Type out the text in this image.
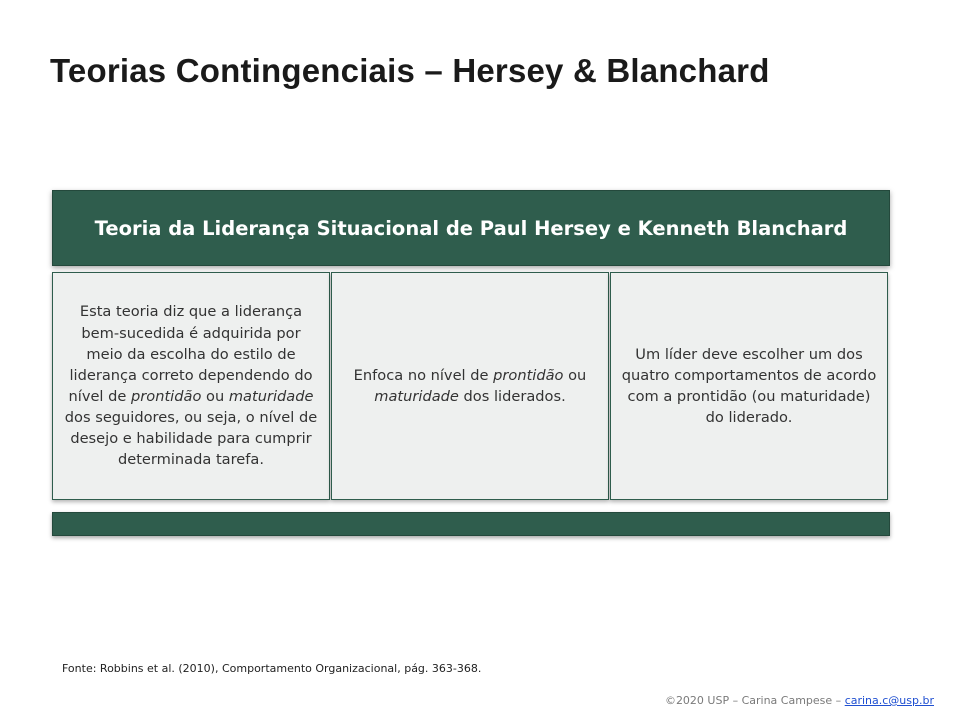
Teorias Contingenciais – Hersey & Blanchard
Teoria da Liderança Situacional de Paul Hersey e Kenneth Blanchard

Esta teoria diz que a liderança bem-sucedida é adquirida por meio da escolha do estilo de liderança correto dependendo do nível de prontidão ou maturidade dos seguidores, ou seja, o nível de desejo e habilidade para cumprir determinada tarefa.

Enfoca no nível de prontidão ou maturidade dos liderados.

Um líder deve escolher um dos quatro comportamentos de acordo com a prontidão (ou maturidade) do liderado.

Fonte: Robbins et al. (2010), Comportamento Organizacional, pág. 363-368.
©2020 USP – Carina Campese – carina.c@usp.br
